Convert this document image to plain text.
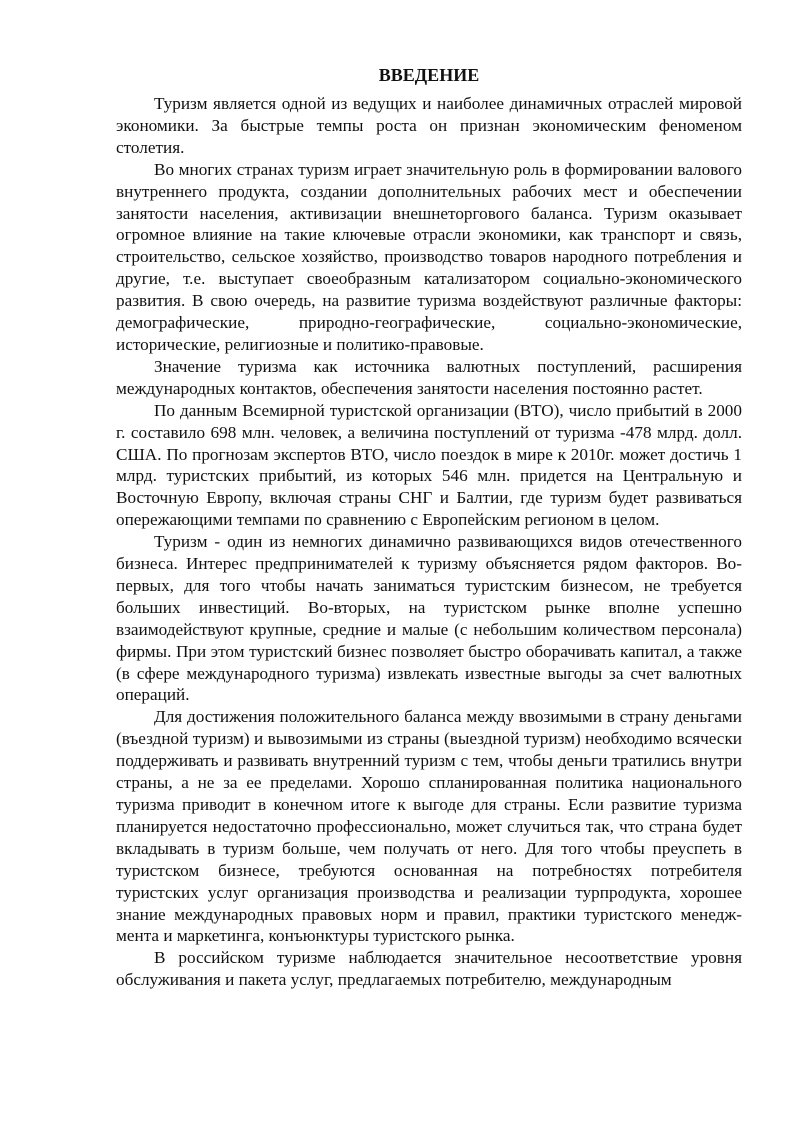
ВВЕДЕНИЕ

Туризм является одной из ведущих и наиболее динамичных отраслей мировой экономики. За быстрые темпы роста он признан экономическим феноменом столетия.

Во многих странах туризм играет значительную роль в формировании валового внутреннего продукта, создании дополнительных рабочих мест и обеспечении занятости населения, активизации внешнеторгового баланса. Туризм оказывает огромное влияние на такие ключевые отрасли экономики, как транспорт и связь, строительство, сельское хозяйство, производство товаров народного потребления и другие, т.е. выступает своеобразным катализатором социально-экономического развития. В свою очередь, на развитие туризма воздействуют различные факторы: демографические, природно-географические, социально-экономические, исторические, религиозные и политико-правовые.

Значение туризма как источника валютных поступлений, расширения международных контактов, обеспечения занятости населения постоянно растет.

По данным Всемирной туристской организации (ВТО), число прибытий в 2000 г. составило 698 млн. человек, а величина поступлений от туризма -478 млрд. долл. США. По прогнозам экспертов ВТО, число поездок в мире к 2010г. может достичь 1 млрд. туристских прибытий, из которых 546 млн. придется на Центральную и Восточную Европу, включая страны СНГ и Балтии, где туризм будет развиваться опережающими темпами по сравнению с Европейским регионом в целом.

Туризм - один из немногих динамично развивающихся видов отечественного бизнеса. Интерес предпринимателей к туризму объясняется рядом факторов. Во-первых, для того чтобы начать заниматься туристским бизнесом, не требуется больших инвестиций. Во-вторых, на туристском рынке вполне успешно взаимодействуют крупные, средние и малые (с небольшим количеством персонала) фирмы. При этом туристский бизнес позволяет быстро оборачивать капитал, а также (в сфере международного туризма) извлекать известные выгоды за счет валютных операций.

Для достижения положительного баланса между ввозимыми в страну деньгами (въездной туризм) и вывозимыми из страны (выездной туризм) необходимо всячески поддерживать и развивать внутренний туризм с тем, чтобы деньги тратились внутри страны, а не за ее пределами. Хорошо спланированная политика национального туризма приводит в конечном итоге к выгоде для страны. Если развитие туризма планируется недостаточно профессионально, может случиться так, что страна будет вкладывать в туризм больше, чем получать от него. Для того чтобы преуспеть в туристском бизнесе, требуются основанная на потребностях потребителя туристских услуг организация производства и реализации турпродукта, хорошее знание международных правовых норм и правил, практики туристского менеджмента и маркетинга, конъюнктуры туристского рынка.

В российском туризме наблюдается значительное несоответствие уровня обслуживания и пакета услуг, предлагаемых потребителю, международным
